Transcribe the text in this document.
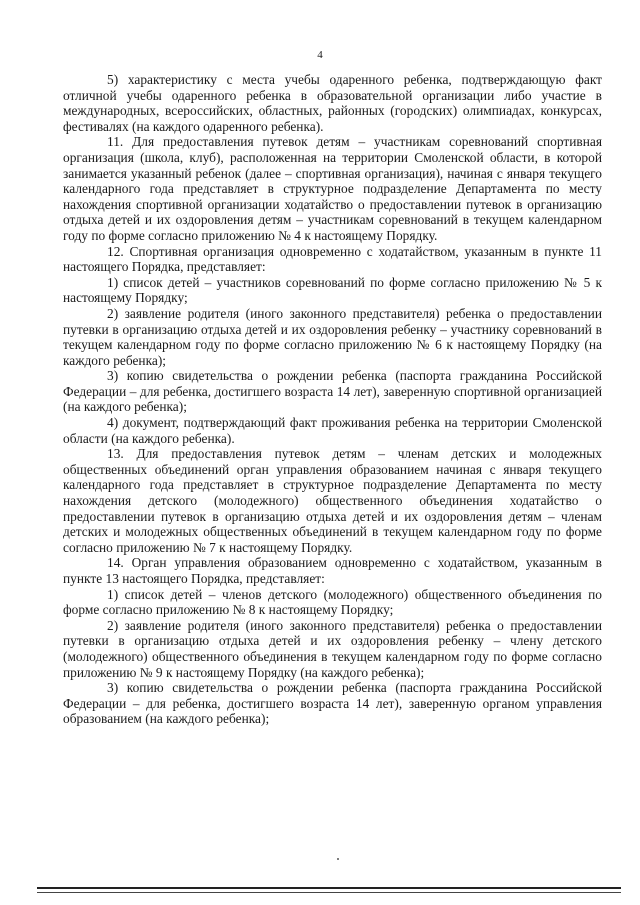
4

5) характеристику с места учебы одаренного ребенка, подтверждающую факт отличной учебы одаренного ребенка в образовательной организации либо участие в международных, всероссийских, областных, районных (городских) олимпиадах, конкурсах, фестивалях (на каждого одаренного ребенка).

11. Для предоставления путевок детям – участникам соревнований спортивная организация (школа, клуб), расположенная на территории Смоленской области, в которой занимается указанный ребенок (далее – спортивная организация), начиная с января текущего календарного года представляет в структурное подразделение Департамента по месту нахождения спортивной организации ходатайство о предоставлении путевок в организацию отдыха детей и их оздоровления детям – участникам соревнований в текущем календарном году по форме согласно приложению № 4 к настоящему Порядку.

12. Спортивная организация одновременно с ходатайством, указанным в пункте 11 настоящего Порядка, представляет:

1) список детей – участников соревнований по форме согласно приложению № 5 к настоящему Порядку;

2) заявление родителя (иного законного представителя) ребенка о предоставлении путевки в организацию отдыха детей и их оздоровления ребенку – участнику соревнований в текущем календарном году по форме согласно приложению № 6 к настоящему Порядку (на каждого ребенка);

3) копию свидетельства о рождении ребенка (паспорта гражданина Российской Федерации – для ребенка, достигшего возраста 14 лет), заверенную спортивной организацией (на каждого ребенка);

4) документ, подтверждающий факт проживания ребенка на территории Смоленской области (на каждого ребенка).

13. Для предоставления путевок детям – членам детских и молодежных общественных объединений орган управления образованием начиная с января текущего календарного года представляет в структурное подразделение Департамента по месту нахождения детского (молодежного) общественного объединения ходатайство о предоставлении путевок в организацию отдыха детей и их оздоровления детям – членам детских и молодежных общественных объединений в текущем календарном году по форме согласно приложению № 7 к настоящему Порядку.

14. Орган управления образованием одновременно с ходатайством, указанным в пункте 13 настоящего Порядка, представляет:

1) список детей – членов детского (молодежного) общественного объединения по форме согласно приложению № 8 к настоящему Порядку;

2) заявление родителя (иного законного представителя) ребенка о предоставлении путевки в организацию отдыха детей и их оздоровления ребенку – члену детского (молодежного) общественного объединения в текущем календарном году по форме согласно приложению № 9 к настоящему Порядку (на каждого ребенка);

3) копию свидетельства о рождении ребенка (паспорта гражданина Российской Федерации – для ребенка, достигшего возраста 14 лет), заверенную органом управления образованием (на каждого ребенка);
